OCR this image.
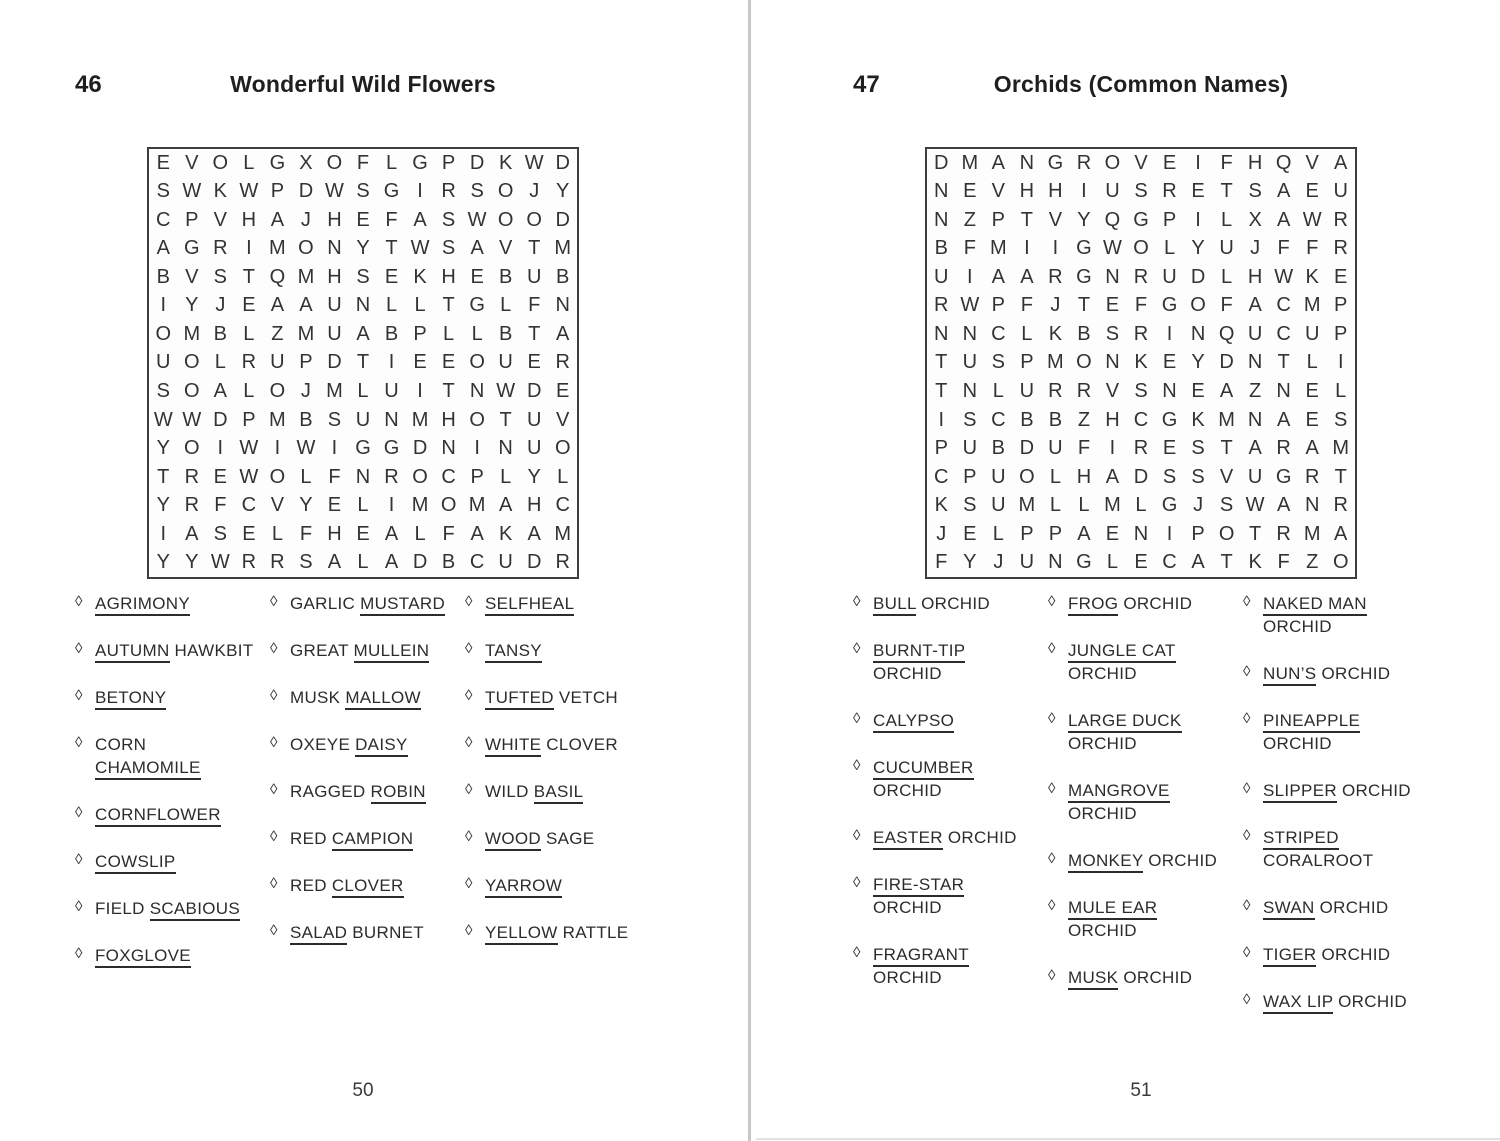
46	Wonderful Wild Flowers
E V O L G X O F L G P D K W D
S W K W P D W S G I R S O J Y
C P V H A J H E F A S W O O D
A G R I M O N Y T W S A V T M
B V S T Q M H S E K H E B U B
I Y J E A A U N L L T G L F N
O M B L Z M U A B P L L B T A
U O L R U P D T I E E O U E R
S O A L O J M L U I T N W D E
W W D P M B S U N M H O T U V
Y O I W I W I G G D N I N U O
T R E W O L F N R O C P L Y L
Y R F C V Y E L	I M O M A H C
I A S E L F H E A L F A K A M
Y Y W R R S A L A D B C U D R
◊ AGRIMONY
◊ AUTUMN HAWKBIT
◊ BETONY
◊ CORN
CHAMOMILE
◊ CORNFLOWER
◊ COWSLIP
◊ FIELD SCABIOUS
◊ FOXGLOVE
◊ GARLIC MUSTARD
◊ GREAT MULLEIN
◊ MUSK MALLOW
◊ OXEYE DAISY
◊ RAGGED ROBIN
◊ RED CAMPION
◊ RED CLOVER
◊ SALAD BURNET
◊ SELFHEAL
◊ TANSY
◊ TUFTED VETCH
◊ WHITE CLOVER
◊ WILD BASIL
◊ WOOD SAGE
◊ YARROW
◊ YELLOW RATTLE
50
47	Orchids (Common Names)
D M A N G R O V E I F H Q V A
N E V H H I U S R E T S A E U
N Z P T V Y Q G P I	L X A W R
B F M I	I G W O L Y U J F F R
U I A A R G N R U D L H W K E
R W P F J T E F G O F A C M P
N N C L K B S R I N Q U C U P
T U S P M O N K E Y D N T L	I
T N L U R R V S N E A Z N E L
I S C B B Z H C G K M N A E S
P U B D U F I R E S T A R A M
C P U O L H A D S S V U G R T
K S U M L L M L G J S W A N R
J E L P P A E N I P O T R M A
F Y J U N G L E C A T K F Z O
◊ BULL ORCHID
◊ BURNT-TIP
ORCHID
◊ CALYPSO
◊ CUCUMBER
ORCHID
◊ EASTER ORCHID
◊ FIRE-STAR
ORCHID
◊ FRAGRANT
ORCHID
◊ FROG ORCHID
◊ JUNGLE CAT
ORCHID
◊ LARGE DUCK
ORCHID
◊ MANGROVE
ORCHID
◊ MONKEY ORCHID
◊ MULE EAR
ORCHID
◊ MUSK ORCHID
◊ NAKED MAN
ORCHID
◊ NUN’S ORCHID
◊ PINEAPPLE
ORCHID
◊ SLIPPER ORCHID
◊ STRIPED
CORALROOT
◊ SWAN ORCHID
◊ TIGER ORCHID
◊ WAX LIP ORCHID
51
